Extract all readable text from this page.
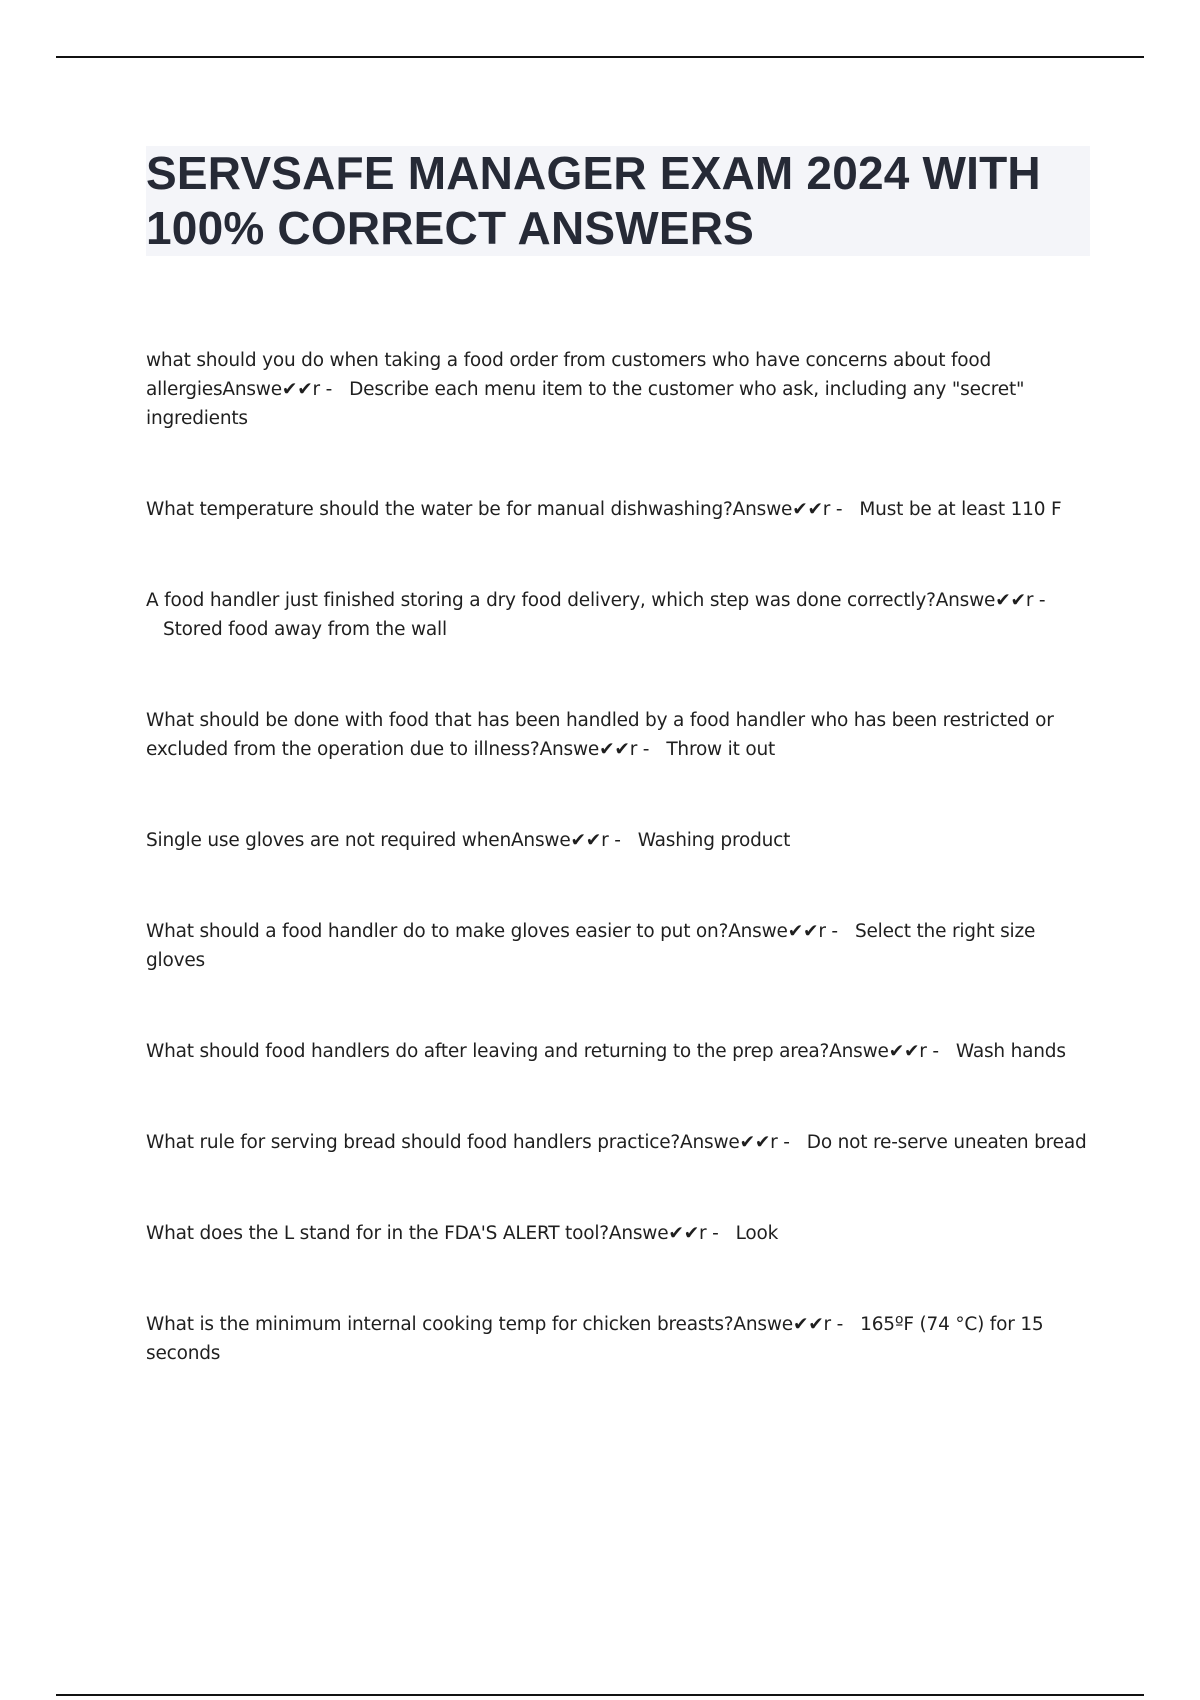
SERVSAFE MANAGER EXAM 2024 WITH
100% CORRECT ANSWERS
what should you do when taking a food order from customers who have concerns about food allergiesAnswe✔✔r - Describe each menu item to the customer who ask, including any "secret" ingredients
What temperature should the water be for manual dishwashing?Answe✔✔r - Must be at least 110 F
A food handler just finished storing a dry food delivery, which step was done correctly?Answe✔✔r -   Stored food away from the wall
What should be done with food that has been handled by a food handler who has been restricted or excluded from the operation due to illness?Answe✔✔r - Throw it out
Single use gloves are not required whenAnswe✔✔r - Washing product
What should a food handler do to make gloves easier to put on?Answe✔✔r - Select the right size gloves
What should food handlers do after leaving and returning to the prep area?Answe✔✔r - Wash hands
What rule for serving bread should food handlers practice?Answe✔✔r - Do not re-serve uneaten bread
What does the L stand for in the FDA'S ALERT tool?Answe✔✔r - Look
What is the minimum internal cooking temp for chicken breasts?Answe✔✔r - 165ºF (74 °C) for 15 seconds
